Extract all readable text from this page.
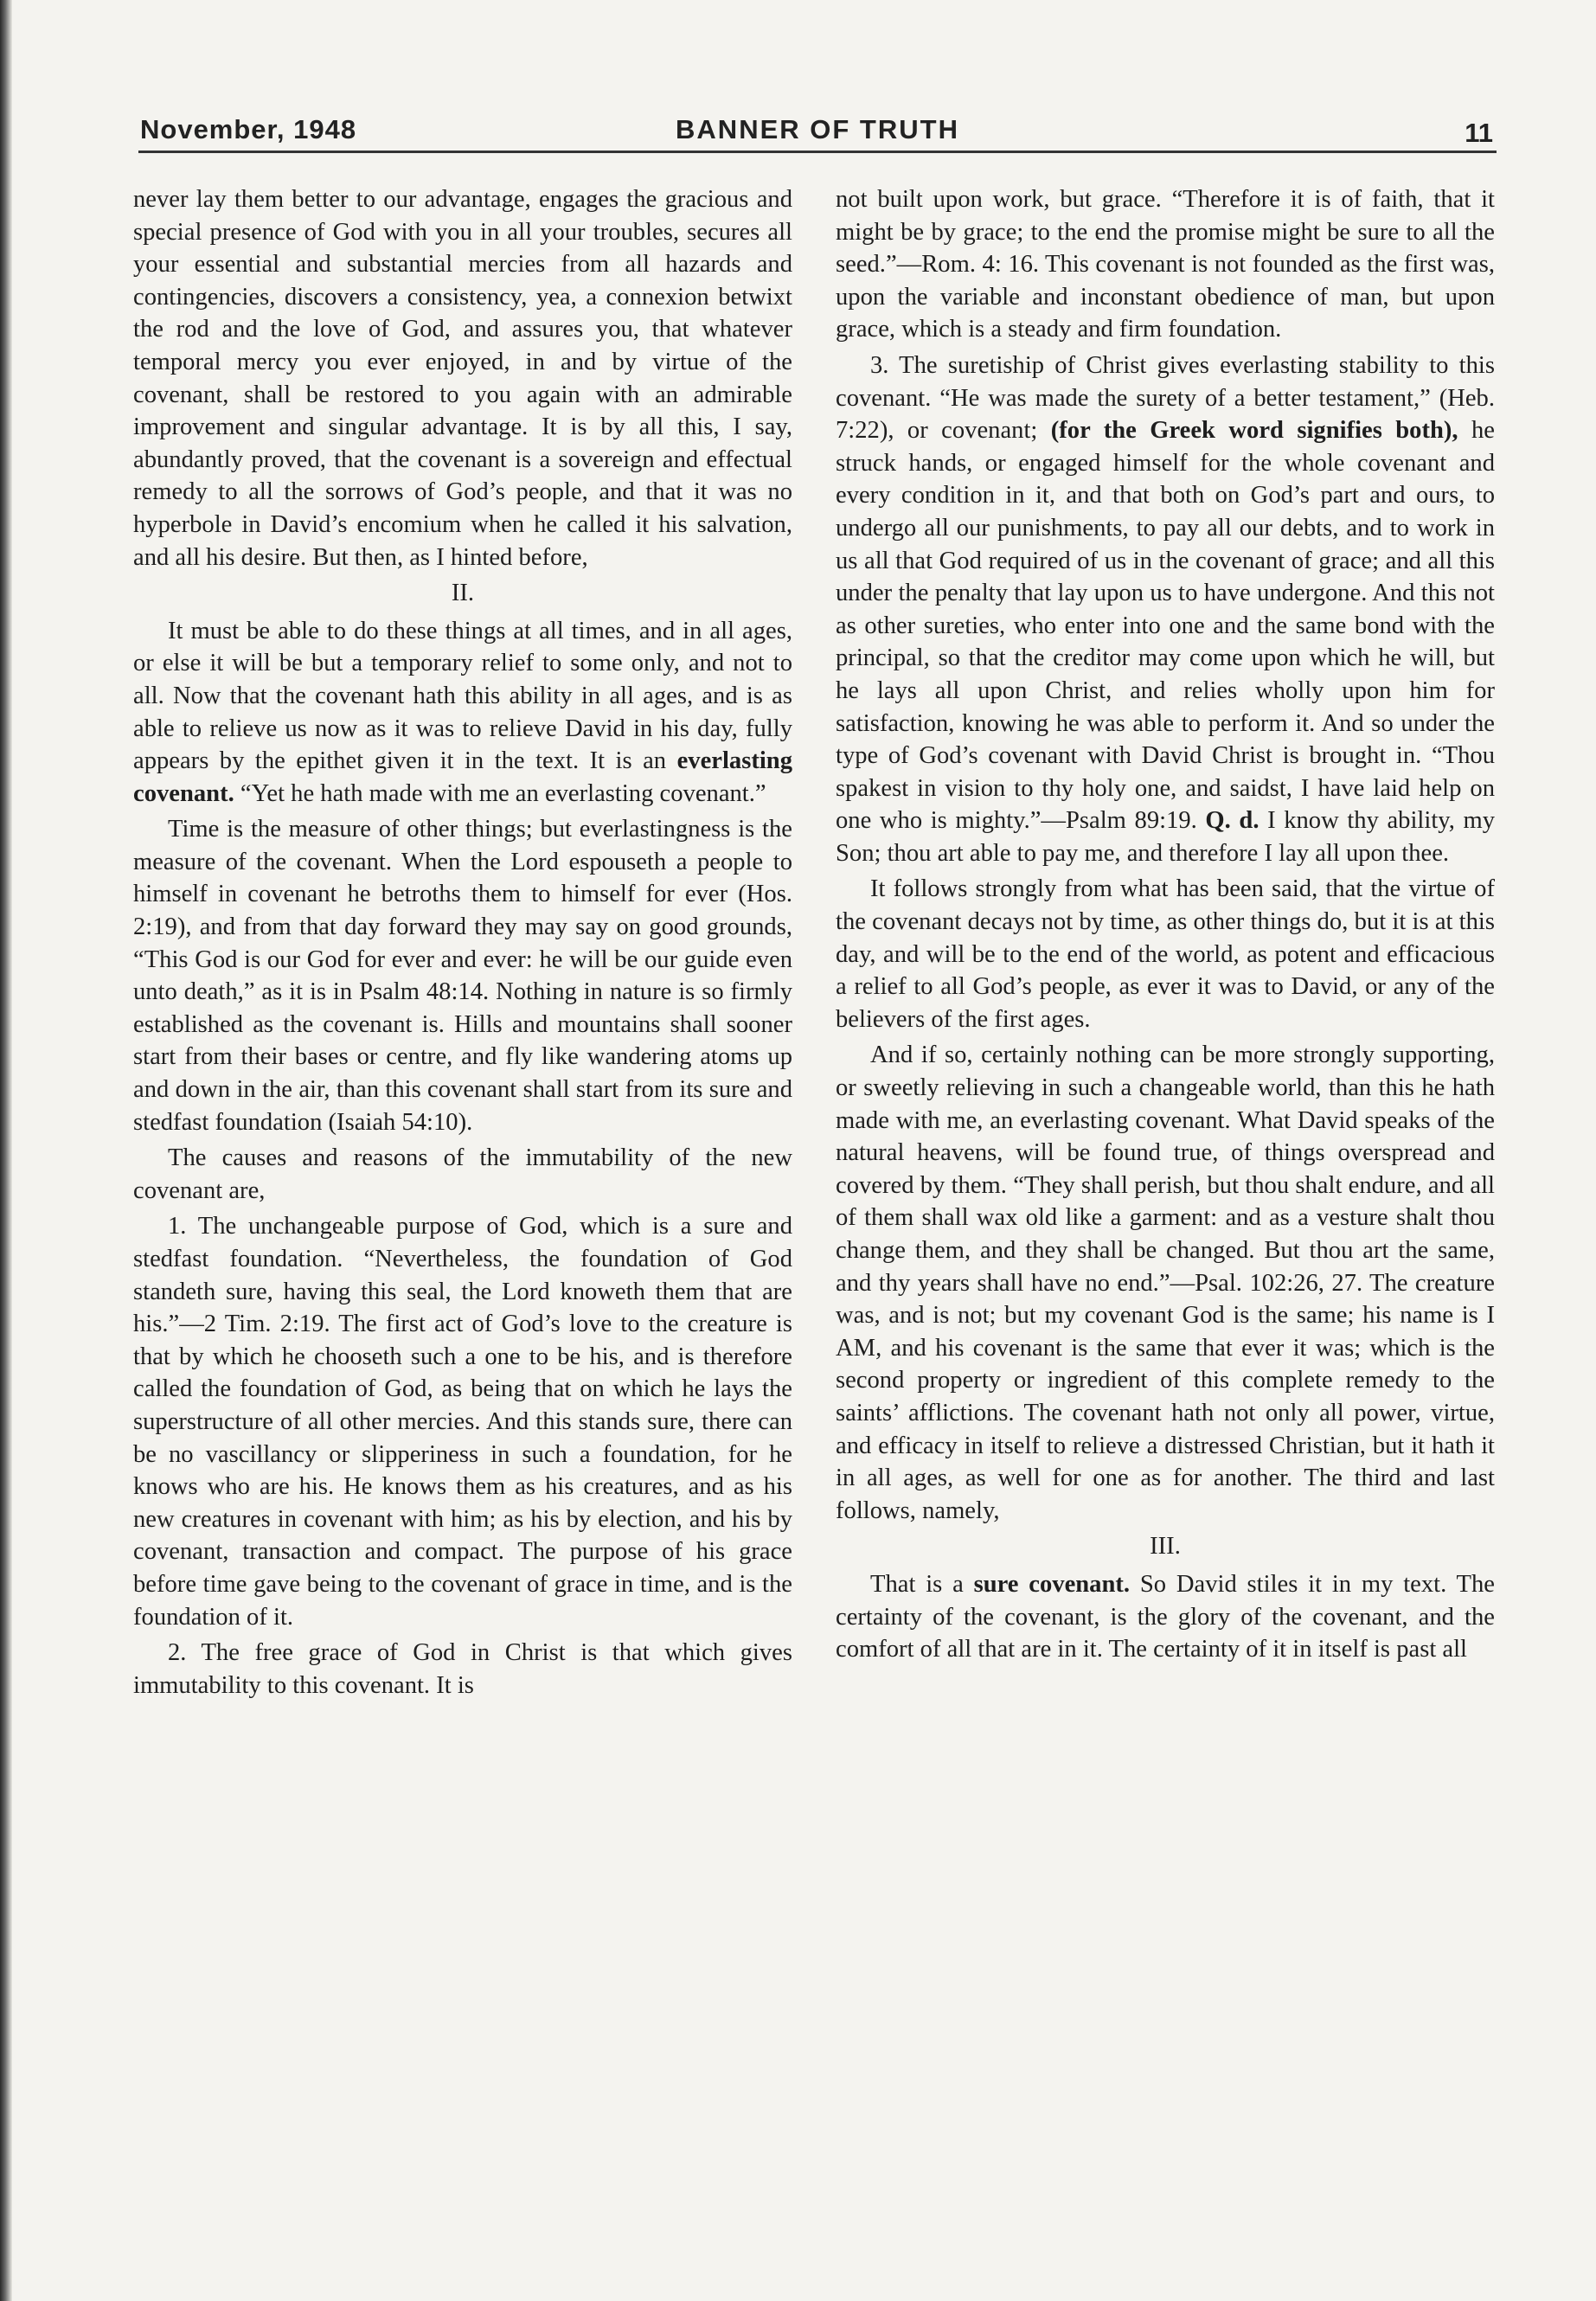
November, 1948	BANNER OF TRUTH	11

never lay them better to our advantage, engages the gracious and special presence of God with you in all your troubles, secures all your essential and substantial mercies from all hazards and contingencies, discovers a consistency, yea, a connexion betwixt the rod and the love of God, and assures you, that whatever temporal mercy you ever enjoyed, in and by virtue of the covenant, shall be restored to you again with an admirable improvement and singular advantage. It is by all this, I say, abundantly proved, that the covenant is a sovereign and effectual remedy to all the sorrows of God’s people, and that it was no hyperbole in David’s encomium when he called it his salvation, and all his desire. But then, as I hinted before,

II.

It must be able to do these things at all times, and in all ages, or else it will be but a temporary relief to some only, and not to all. Now that the covenant hath this ability in all ages, and is as able to relieve us now as it was to relieve David in his day, fully appears by the epithet given it in the text. It is an everlasting covenant. “Yet he hath made with me an everlasting covenant.”

Time is the measure of other things; but everlastingness is the measure of the covenant. When the Lord espouseth a people to himself in covenant he betroths them to himself for ever (Hos. 2:19), and from that day forward they may say on good grounds, “This God is our God for ever and ever: he will be our guide even unto death,” as it is in Psalm 48:14. Nothing in nature is so firmly established as the covenant is. Hills and mountains shall sooner start from their bases or centre, and fly like wandering atoms up and down in the air, than this covenant shall start from its sure and stedfast foundation (Isaiah 54:10).

The causes and reasons of the immutability of the new covenant are,

1. The unchangeable purpose of God, which is a sure and stedfast foundation. “Nevertheless, the foundation of God standeth sure, having this seal, the Lord knoweth them that are his.”—2 Tim. 2:19. The first act of God’s love to the creature is that by which he chooseth such a one to be his, and is therefore called the foundation of God, as being that on which he lays the superstructure of all other mercies. And this stands sure, there can be no vascillancy or slipperiness in such a foundation, for he knows who are his. He knows them as his creatures, and as his new creatures in covenant with him; as his by election, and his by covenant, transaction and compact. The purpose of his grace before time gave being to the covenant of grace in time, and is the foundation of it.

2. The free grace of God in Christ is that which gives immutability to this covenant. It is

not built upon work, but grace. “Therefore it is of faith, that it might be by grace; to the end the promise might be sure to all the seed.”—Rom. 4: 16. This covenant is not founded as the first was, upon the variable and inconstant obedience of man, but upon grace, which is a steady and firm foundation.

3. The suretiship of Christ gives everlasting stability to this covenant. “He was made the surety of a better testament,” (Heb. 7:22), or covenant; (for the Greek word signifies both), he struck hands, or engaged himself for the whole covenant and every condition in it, and that both on God’s part and ours, to undergo all our punishments, to pay all our debts, and to work in us all that God required of us in the covenant of grace; and all this under the penalty that lay upon us to have undergone. And this not as other sureties, who enter into one and the same bond with the principal, so that the creditor may come upon which he will, but he lays all upon Christ, and relies wholly upon him for satisfaction, knowing he was able to perform it. And so under the type of God’s covenant with David Christ is brought in. “Thou spakest in vision to thy holy one, and saidst, I have laid help on one who is mighty.”—Psalm 89:19. Q. d. I know thy ability, my Son; thou art able to pay me, and therefore I lay all upon thee.

It follows strongly from what has been said, that the virtue of the covenant decays not by time, as other things do, but it is at this day, and will be to the end of the world, as potent and efficacious a relief to all God’s people, as ever it was to David, or any of the believers of the first ages.

And if so, certainly nothing can be more strongly supporting, or sweetly relieving in such a changeable world, than this he hath made with me, an everlasting covenant. What David speaks of the natural heavens, will be found true, of things overspread and covered by them. “They shall perish, but thou shalt endure, and all of them shall wax old like a garment: and as a vesture shalt thou change them, and they shall be changed. But thou art the same, and thy years shall have no end.”—Psal. 102:26, 27. The creature was, and is not; but my covenant God is the same; his name is I AM, and his covenant is the same that ever it was; which is the second property or ingredient of this complete remedy to the saints’ afflictions. The covenant hath not only all power, virtue, and efficacy in itself to relieve a distressed Christian, but it hath it in all ages, as well for one as for another. The third and last follows, namely,

III.

That is a sure covenant. So David stiles it in my text. The certainty of the covenant, is the glory of the covenant, and the comfort of all that are in it. The certainty of it in itself is past all
